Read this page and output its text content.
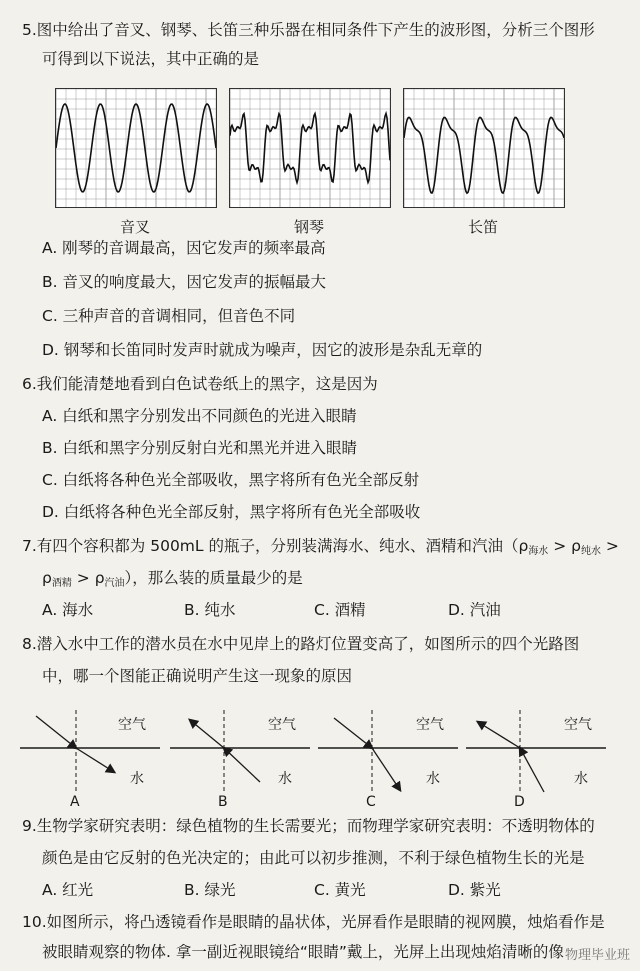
5.图中给出了音叉、钢琴、长笛三种乐器在相同条件下产生的波形图，分析三个图形
可得到以下说法，其中正确的是
音叉	钢琴	长笛
A. 刚琴的音调最高，因它发声的频率最高
B. 音叉的响度最大，因它发声的振幅最大
C. 三种声音的音调相同，但音色不同
D. 钢琴和长笛同时发声时就成为噪声，因它的波形是杂乱无章的
6.我们能清楚地看到白色试卷纸上的黑字，这是因为
A. 白纸和黑字分别发出不同颜色的光进入眼睛
B. 白纸和黑字分别反射白光和黑光并进入眼睛
C. 白纸将各种色光全部吸收，黑字将所有色光全部反射
D. 白纸将各种色光全部反射，黑字将所有色光全部吸收
7.有四个容积都为 500mL 的瓶子，分别装满海水、纯水、酒精和汽油（$\rho_{海水} > \rho_{纯水}$ >
$\rho_{酒精} > \rho_{汽油}$），那么装的质量最少的是
A. 海水	B. 纯水	C. 酒精	D. 汽油
8.潜入水中工作的潜水员在水中见岸上的路灯位置变高了，如图所示的四个光路图
中，哪一个图能正确说明产生这一现象的原因
空气	空气	空气	空气
水	水	水	水
A	B	C	D
9.生物学家研究表明：绿色植物的生长需要光；而物理学家研究表明：不透明物体的
颜色是由它反射的色光决定的；由此可以初步推测，不利于绿色植物生长的光是
A. 红光	B. 绿光	C. 黄光	D. 紫光
10.如图所示，将凸透镜看作是眼睛的晶状体，光屏看作是眼睛的视网膜，烛焰看作是
被眼睛观察的物体. 拿一副近视眼镜给“眼睛”戴上，光屏上出现烛焰清晰的像 物理毕业班
